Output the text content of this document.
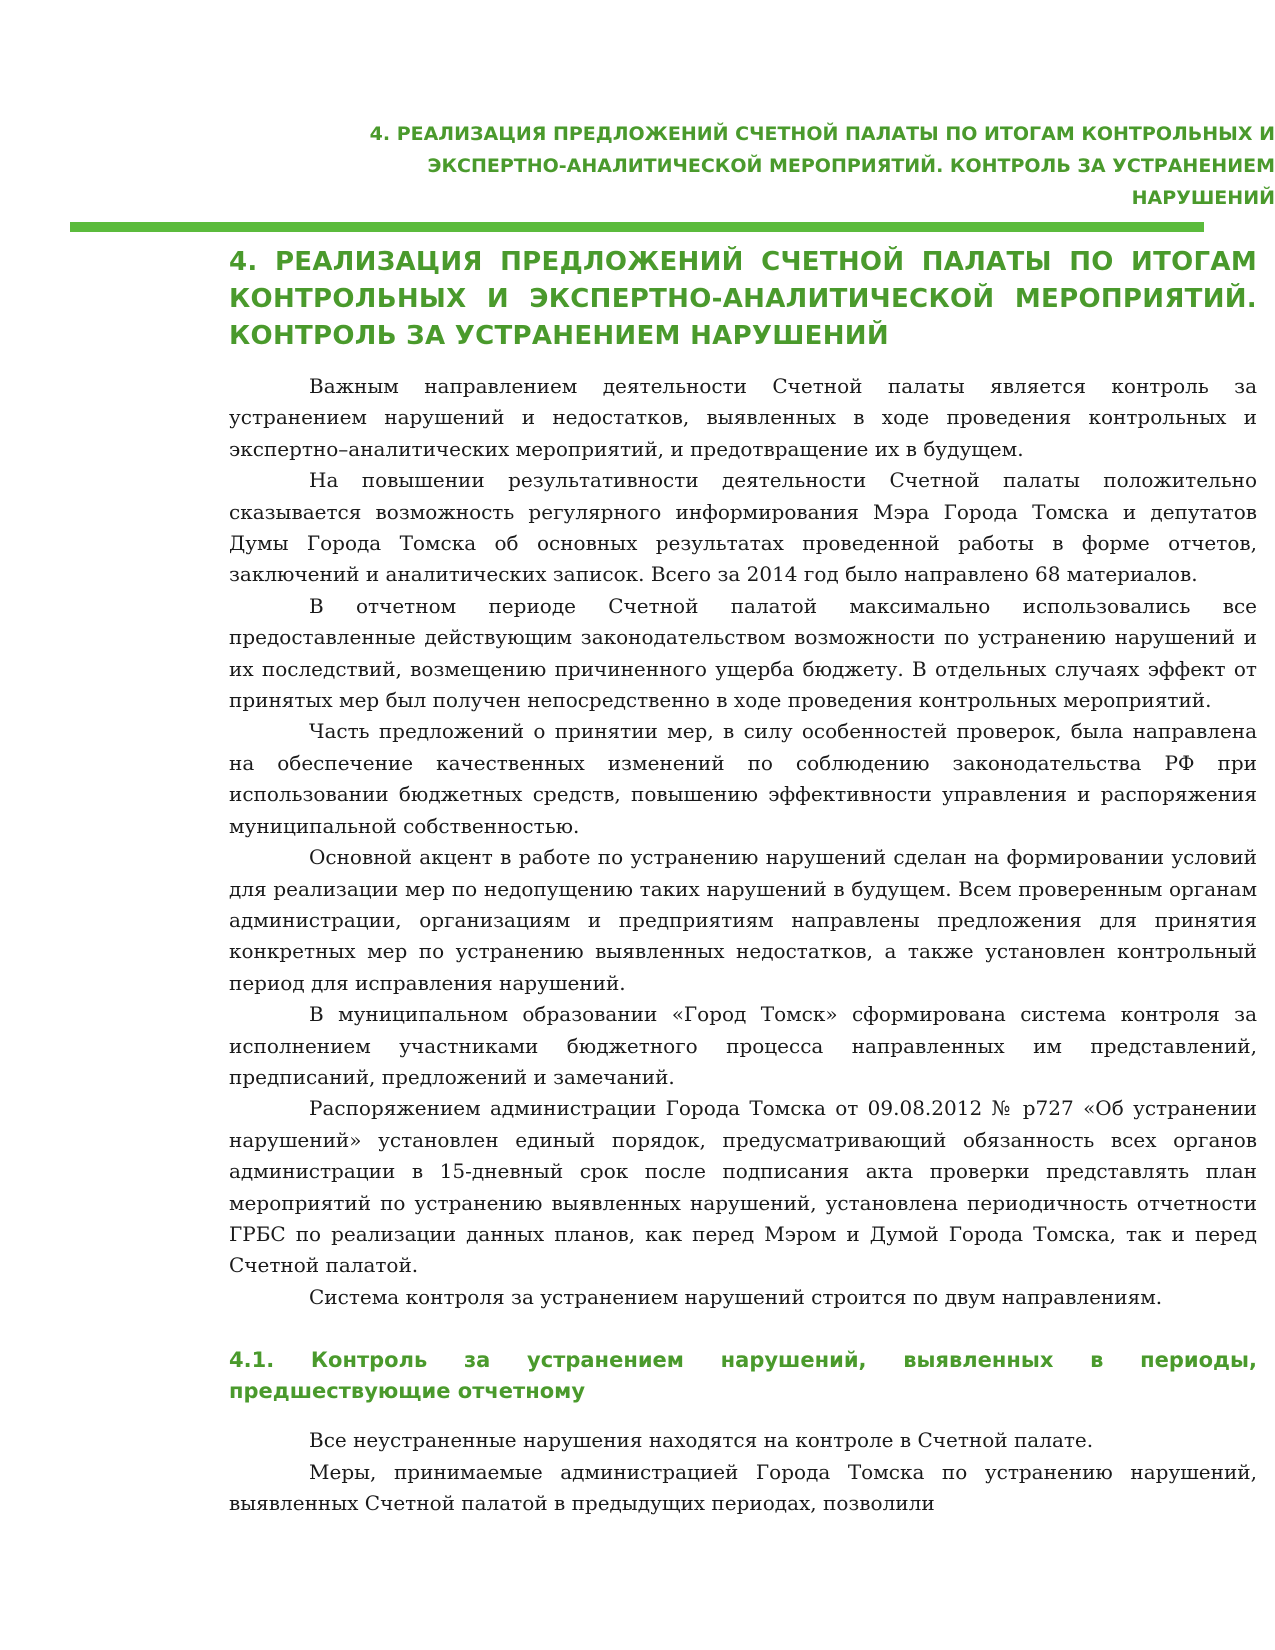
4. РЕАЛИЗАЦИЯ ПРЕДЛОЖЕНИЙ СЧЕТНОЙ ПАЛАТЫ ПО ИТОГАМ КОНТРОЛЬНЫХ И
ЭКСПЕРТНО-АНАЛИТИЧЕСКОЙ МЕРОПРИЯТИЙ. КОНТРОЛЬ ЗА УСТРАНЕНИЕМ
НАРУШЕНИЙ
4. РЕАЛИЗАЦИЯ ПРЕДЛОЖЕНИЙ СЧЕТНОЙ ПАЛАТЫ ПО ИТОГАМ КОНТРОЛЬНЫХ И ЭКСПЕРТНО-АНАЛИТИЧЕСКОЙ МЕРОПРИЯТИЙ. КОНТРОЛЬ ЗА УСТРАНЕНИЕМ НАРУШЕНИЙ

Важным направлением деятельности Счетной палаты является контроль за устранением нарушений и недостатков, выявленных в ходе проведения контрольных и экспертно–аналитических мероприятий, и предотвращение их в будущем.

На повышении результативности деятельности Счетной палаты положительно сказывается возможность регулярного информирования Мэра Города Томска и депутатов Думы Города Томска об основных результатах проведенной работы в форме отчетов, заключений и аналитических записок. Всего за 2014 год было направлено 68 материалов.

В отчетном периоде Счетной палатой максимально использовались все предоставленные действующим законодательством возможности по устранению нарушений и их последствий, возмещению причиненного ущерба бюджету. В отдельных случаях эффект от принятых мер был получен непосредственно в ходе проведения контрольных мероприятий.

Часть предложений о принятии мер, в силу особенностей проверок, была направлена на обеспечение качественных изменений по соблюдению законодательства РФ при использовании бюджетных средств, повышению эффективности управления и распоряжения муниципальной собственностью.

Основной акцент в работе по устранению нарушений сделан на формировании условий для реализации мер по недопущению таких нарушений в будущем. Всем проверенным органам администрации, организациям и предприятиям направлены предложения для принятия конкретных мер по устранению выявленных недостатков, а также установлен контрольный период для исправления нарушений.

В муниципальном образовании «Город Томск» сформирована система контроля за исполнением участниками бюджетного процесса направленных им представлений, предписаний, предложений и замечаний.

Распоряжением администрации Города Томска от 09.08.2012 № р727 «Об устранении нарушений» установлен единый порядок, предусматривающий обязанность всех органов администрации в 15-дневный срок после подписания акта проверки представлять план мероприятий по устранению выявленных нарушений, установлена периодичность отчетности ГРБС по реализации данных планов, как перед Мэром и Думой Города Томска, так и перед Счетной палатой.

Система контроля за устранением нарушений строится по двум направлениям.

4.1. Контроль за устранением нарушений, выявленных в периоды, предшествующие отчетному

Все неустраненные нарушения находятся на контроле в Счетной палате.

Меры, принимаемые администрацией Города Томска по устранению нарушений, выявленных Счетной палатой в предыдущих периодах, позволили
